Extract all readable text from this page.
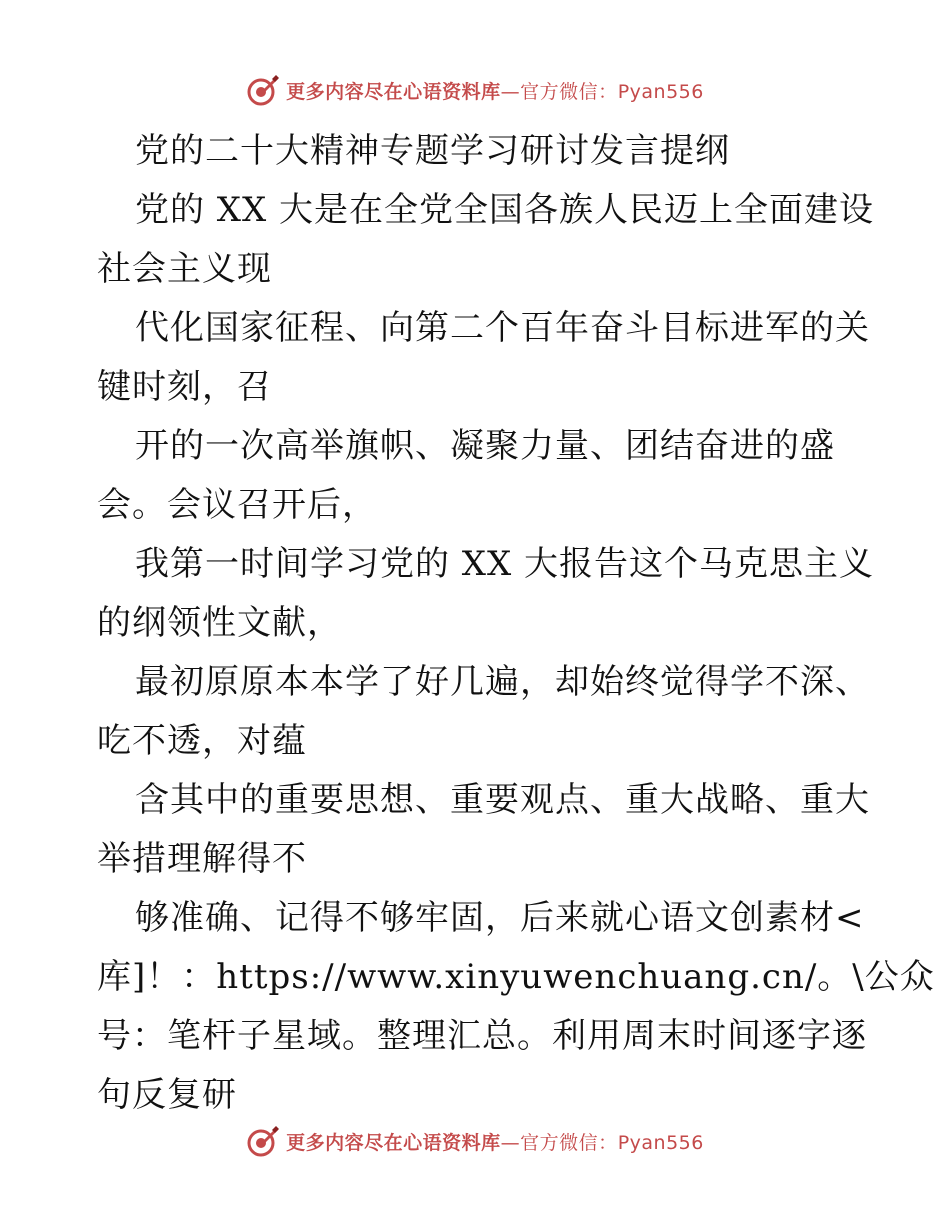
更多内容尽在心语资料库—官方微信：Pyan556
党的二十大精神专题学习研讨发言提纲
党的 XX 大是在全党全国各族人民迈上全面建设
社会主义现
代化国家征程、向第二个百年奋斗目标进军的关
键时刻，召
开的一次高举旗帜、凝聚力量、团结奋进的盛
会。会议召开后，
我第一时间学习党的 XX 大报告这个马克思主义
的纲领性文献，
最初原原本本学了好几遍，却始终觉得学不深、
吃不透，对蕴
含其中的重要思想、重要观点、重大战略、重大
举措理解得不
够准确、记得不够牢固，后来就心语文创素材<
库]！：https://www.xinyuwenchuang.cn/。\公众
号：笔杆子星域。整理汇总。利用周末时间逐字逐
句反复研
更多内容尽在心语资料库—官方微信：Pyan556
